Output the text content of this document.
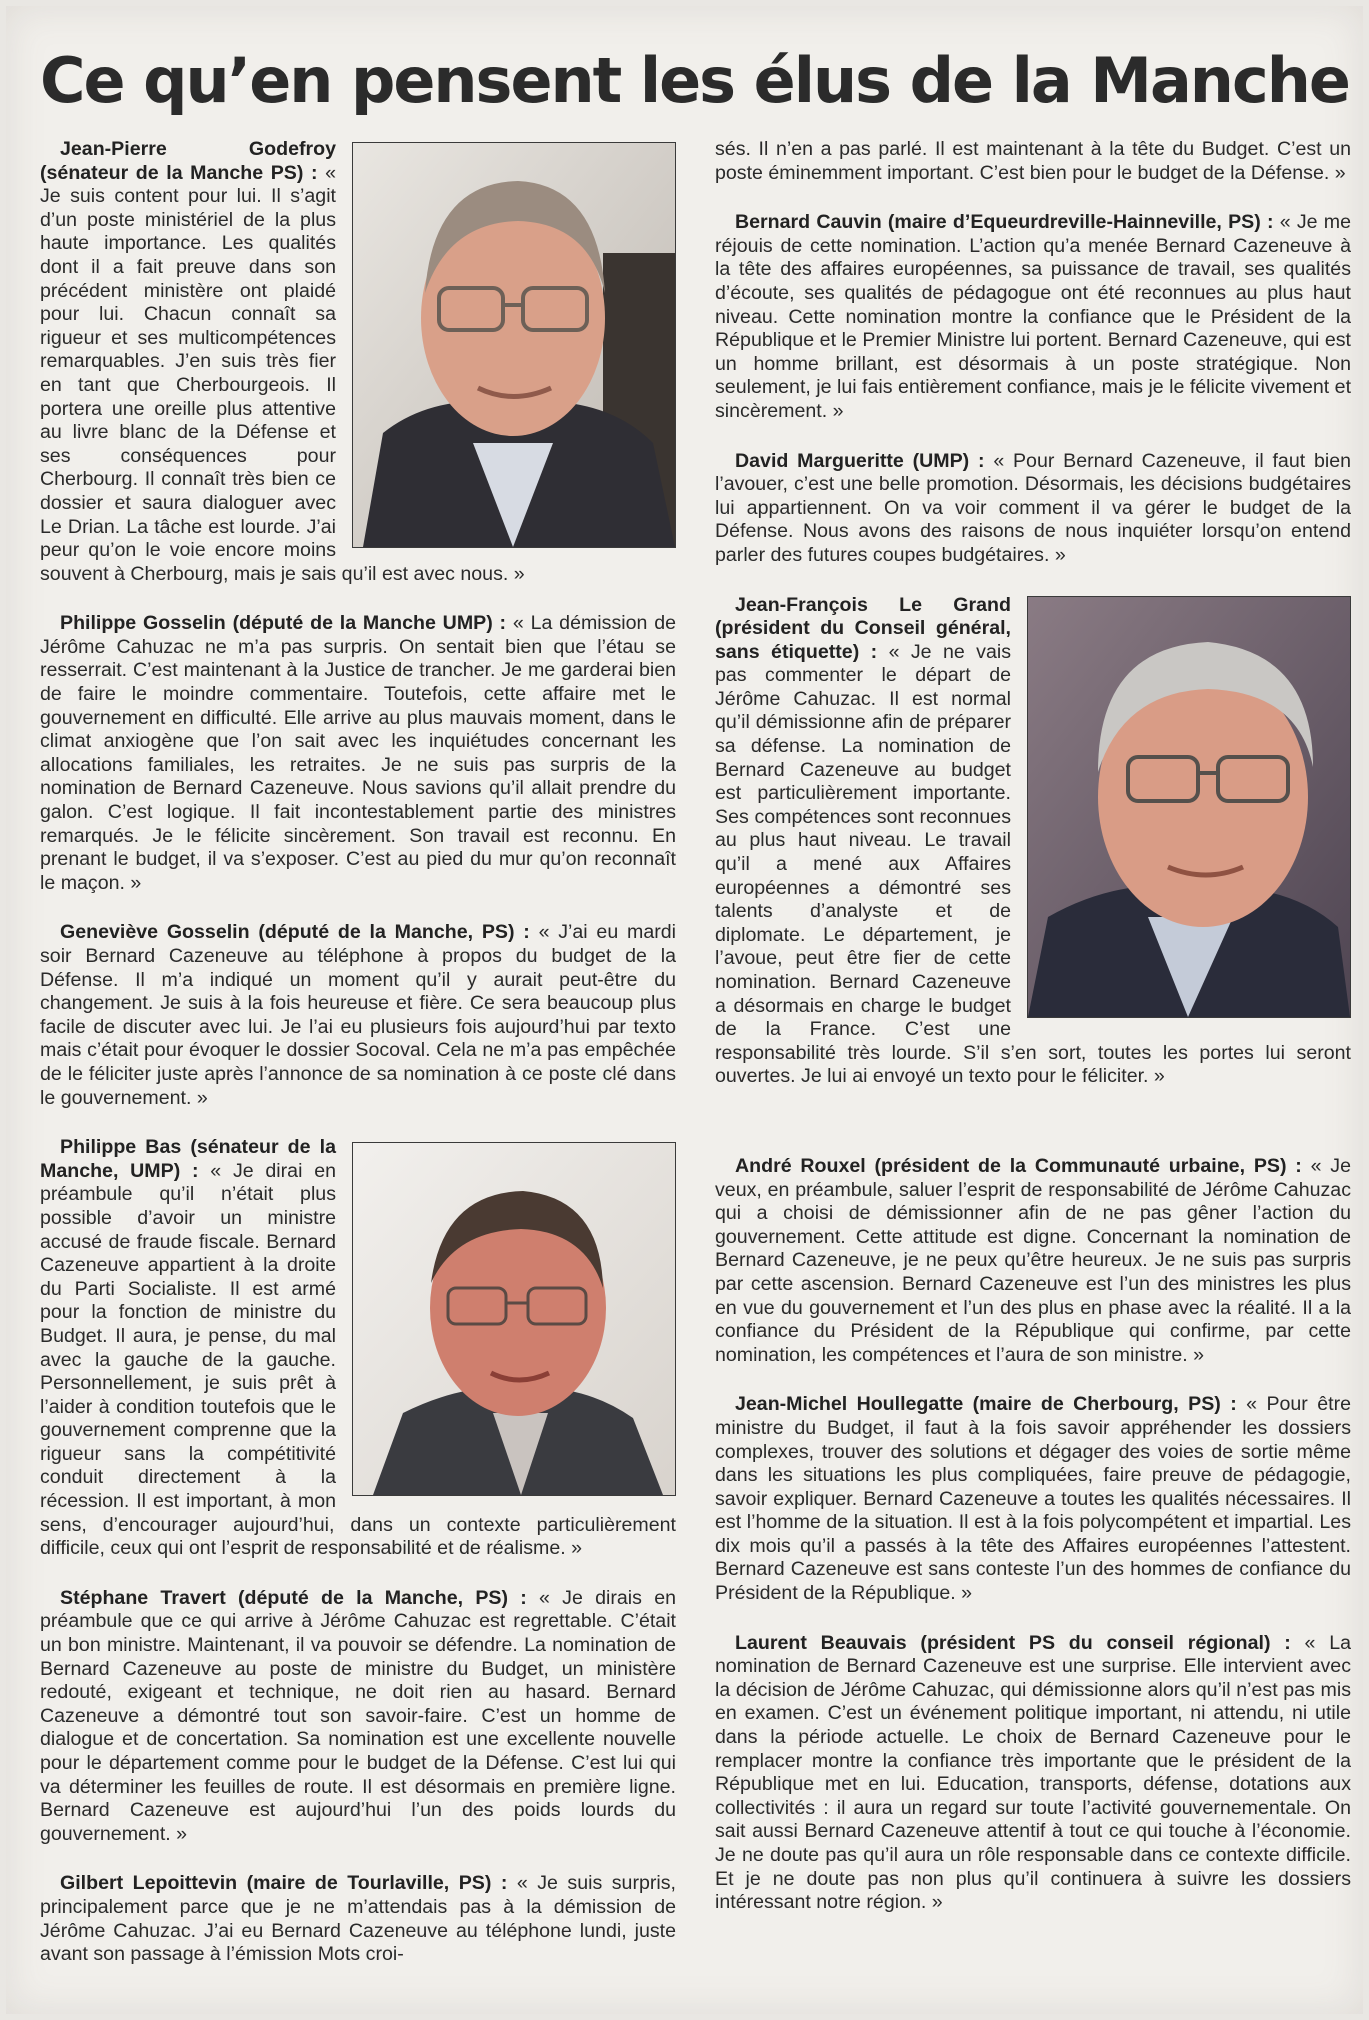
Ce qu’en pensent les élus de la Manche

Jean-Pierre Godefroy (sénateur de la Manche PS) : « Je suis content pour lui. Il s’agit d’un poste ministériel de la plus haute importance. Les qualités dont il a fait preuve dans son précédent ministère ont plaidé pour lui. Chacun connaît sa rigueur et ses multicompétences remarquables. J’en suis très fier en tant que Cherbourgeois. Il portera une oreille plus attentive au livre blanc de la Défense et ses conséquences pour Cherbourg. Il connaît très bien ce dossier et saura dialoguer avec Le Drian. La tâche est lourde. J’ai peur qu’on le voie encore moins souvent à Cherbourg, mais je sais qu’il est avec nous. »

Philippe Gosselin (député de la Manche UMP) : « La démission de Jérôme Cahuzac ne m’a pas surpris. On sentait bien que l’étau se resserrait. C’est maintenant à la Justice de trancher. Je me garderai bien de faire le moindre commentaire. Toutefois, cette affaire met le gouvernement en difficulté. Elle arrive au plus mauvais moment, dans le climat anxiogène que l’on sait avec les inquiétudes concernant les allocations familiales, les retraites. Je ne suis pas surpris de la nomination de Bernard Cazeneuve. Nous savions qu’il allait prendre du galon. C’est logique. Il fait incontestablement partie des ministres remarqués. Je le félicite sincèrement. Son travail est reconnu. En prenant le budget, il va s’exposer. C’est au pied du mur qu’on reconnaît le maçon. »

Geneviève Gosselin (député de la Manche, PS) : « J’ai eu mardi soir Bernard Cazeneuve au téléphone à propos du budget de la Défense. Il m’a indiqué un moment qu’il y aurait peut-être du changement. Je suis à la fois heureuse et fière. Ce sera beaucoup plus facile de discuter avec lui. Je l’ai eu plusieurs fois aujourd’hui par texto mais c’était pour évoquer le dossier Socoval. Cela ne m’a pas empêchée de le féliciter juste après l’annonce de sa nomination à ce poste clé dans le gouvernement. »

Philippe Bas (sénateur de la Manche, UMP) : « Je dirai en préambule qu’il n’était plus possible d’avoir un ministre accusé de fraude fiscale. Bernard Cazeneuve appartient à la droite du Parti Socialiste. Il est armé pour la fonction de ministre du Budget. Il aura, je pense, du mal avec la gauche de la gauche. Personnellement, je suis prêt à l’aider à condition toutefois que le gouvernement comprenne que la rigueur sans la compétitivité conduit directement à la récession. Il est important, à mon sens, d’encourager aujourd’hui, dans un contexte particulièrement difficile, ceux qui ont l’esprit de responsabilité et de réalisme. »

Stéphane Travert (député de la Manche, PS) : « Je dirais en préambule que ce qui arrive à Jérôme Cahuzac est regrettable. C’était un bon ministre. Maintenant, il va pouvoir se défendre. La nomination de Bernard Cazeneuve au poste de ministre du Budget, un ministère redouté, exigeant et technique, ne doit rien au hasard. Bernard Cazeneuve a démontré tout son savoir-faire. C’est un homme de dialogue et de concertation. Sa nomination est une excellente nouvelle pour le département comme pour le budget de la Défense. C’est lui qui va déterminer les feuilles de route. Il est désormais en première ligne. Bernard Cazeneuve est aujourd’hui l’un des poids lourds du gouvernement. »

Gilbert Lepoittevin (maire de Tourlaville, PS) : « Je suis surpris, principalement parce que je ne m’attendais pas à la démission de Jérôme Cahuzac. J’ai eu Bernard Cazeneuve au téléphone lundi, juste avant son passage à l’émission Mots croi-

sés. Il n’en a pas parlé. Il est maintenant à la tête du Budget. C’est un poste éminemment important. C’est bien pour le budget de la Défense. »

Bernard Cauvin (maire d’Equeurdreville-Hainneville, PS) : « Je me réjouis de cette nomination. L’action qu’a menée Bernard Cazeneuve à la tête des affaires européennes, sa puissance de travail, ses qualités d’écoute, ses qualités de pédagogue ont été reconnues au plus haut niveau. Cette nomination montre la confiance que le Président de la République et le Premier Ministre lui portent. Bernard Cazeneuve, qui est un homme brillant, est désormais à un poste stratégique. Non seulement, je lui fais entièrement confiance, mais je le félicite vivement et sincèrement. »

David Margueritte (UMP) : « Pour Bernard Cazeneuve, il faut bien l’avouer, c’est une belle promotion. Désormais, les décisions budgétaires lui appartiennent. On va voir comment il va gérer le budget de la Défense. Nous avons des raisons de nous inquiéter lorsqu’on entend parler des futures coupes budgétaires. »

Jean-François Le Grand (président du Conseil général, sans étiquette) : « Je ne vais pas commenter le départ de Jérôme Cahuzac. Il est normal qu’il démissionne afin de préparer sa défense. La nomination de Bernard Cazeneuve au budget est particulièrement importante. Ses compétences sont reconnues au plus haut niveau. Le travail qu’il a mené aux Affaires européennes a démontré ses talents d’analyste et de diplomate. Le département, je l’avoue, peut être fier de cette nomination. Bernard Cazeneuve a désormais en charge le budget de la France. C’est une responsabilité très lourde. S’il s’en sort, toutes les portes lui seront ouvertes. Je lui ai envoyé un texto pour le féliciter. »

André Rouxel (président de la Communauté urbaine, PS) : « Je veux, en préambule, saluer l’esprit de responsabilité de Jérôme Cahuzac qui a choisi de démissionner afin de ne pas gêner l’action du gouvernement. Cette attitude est digne. Concernant la nomination de Bernard Cazeneuve, je ne peux qu’être heureux. Je ne suis pas surpris par cette ascension. Bernard Cazeneuve est l’un des ministres les plus en vue du gouvernement et l’un des plus en phase avec la réalité. Il a la confiance du Président de la République qui confirme, par cette nomination, les compétences et l’aura de son ministre. »

Jean-Michel Houllegatte (maire de Cherbourg, PS) : « Pour être ministre du Budget, il faut à la fois savoir appréhender les dossiers complexes, trouver des solutions et dégager des voies de sortie même dans les situations les plus compliquées, faire preuve de pédagogie, savoir expliquer. Bernard Cazeneuve a toutes les qualités nécessaires. Il est l’homme de la situation. Il est à la fois polycompétent et impartial. Les dix mois qu’il a passés à la tête des Affaires européennes l’attestent. Bernard Cazeneuve est sans conteste l’un des hommes de confiance du Président de la République. »

Laurent Beauvais (président PS du conseil régional) : « La nomination de Bernard Cazeneuve est une surprise. Elle intervient avec la décision de Jérôme Cahuzac, qui démissionne alors qu’il n’est pas mis en examen. C’est un événement politique important, ni attendu, ni utile dans la période actuelle. Le choix de Bernard Cazeneuve pour le remplacer montre la confiance très importante que le président de la République met en lui. Education, transports, défense, dotations aux collectivités : il aura un regard sur toute l’activité gouvernementale. On sait aussi Bernard Cazeneuve attentif à tout ce qui touche à l’économie. Je ne doute pas qu’il aura un rôle responsable dans ce contexte difficile. Et je ne doute pas non plus qu’il continuera à suivre les dossiers intéressant notre région. »
